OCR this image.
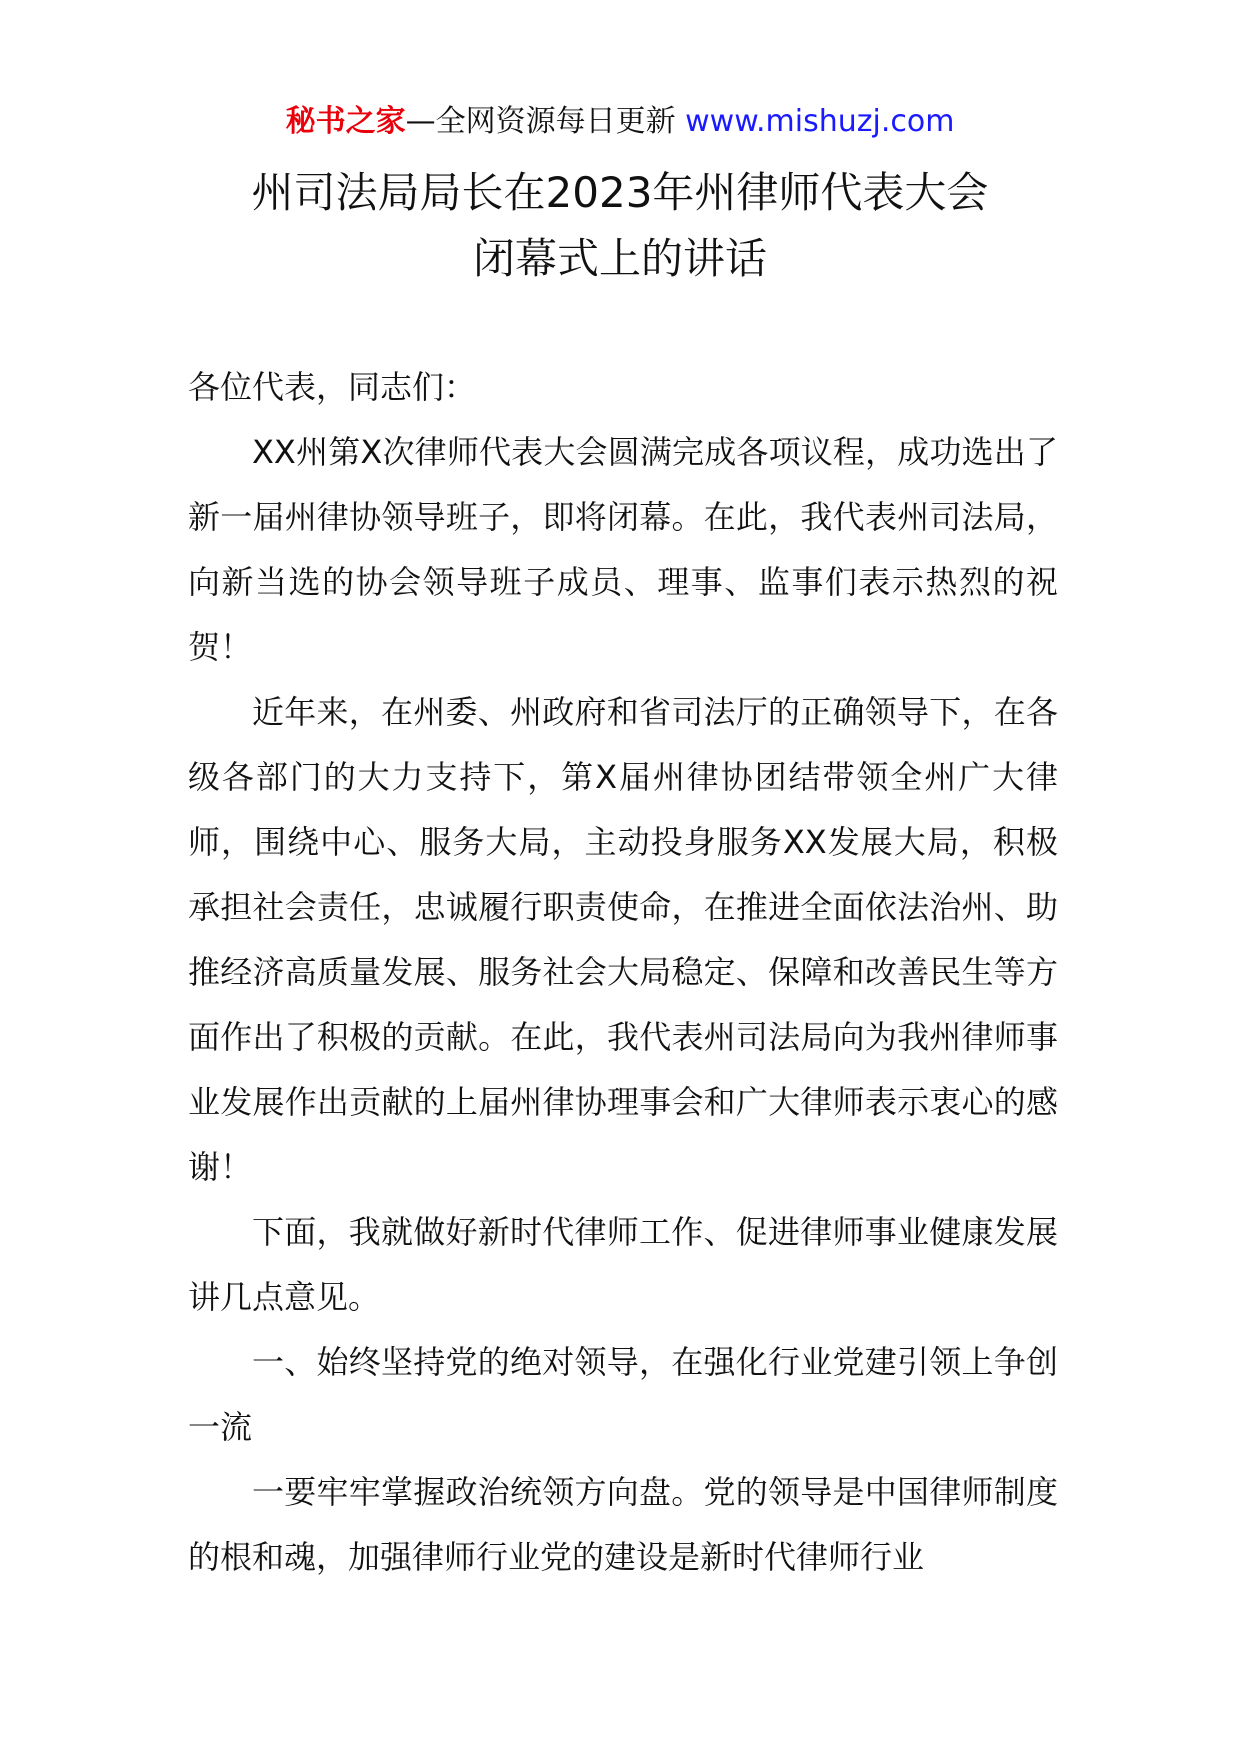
秘书之家—全网资源每日更新 www.mishuzj.com
州司法局局长在2023年州律师代表大会
闭幕式上的讲话

各位代表，同志们：

XX州第X次律师代表大会圆满完成各项议程，成功选出了新一届州律协领导班子，即将闭幕。在此，我代表州司法局，向新当选的协会领导班子成员、理事、监事们表示热烈的祝贺！

近年来，在州委、州政府和省司法厅的正确领导下，在各级各部门的大力支持下，第X届州律协团结带领全州广大律师，围绕中心、服务大局，主动投身服务XX发展大局，积极承担社会责任，忠诚履行职责使命，在推进全面依法治州、助推经济高质量发展、服务社会大局稳定、保障和改善民生等方面作出了积极的贡献。在此，我代表州司法局向为我州律师事业发展作出贡献的上届州律协理事会和广大律师表示衷心的感谢！

下面，我就做好新时代律师工作、促进律师事业健康发展讲几点意见。

一、始终坚持党的绝对领导，在强化行业党建引领上争创一流

一要牢牢掌握政治统领方向盘。党的领导是中国律师制度的根和魂，加强律师行业党的建设是新时代律师行业
